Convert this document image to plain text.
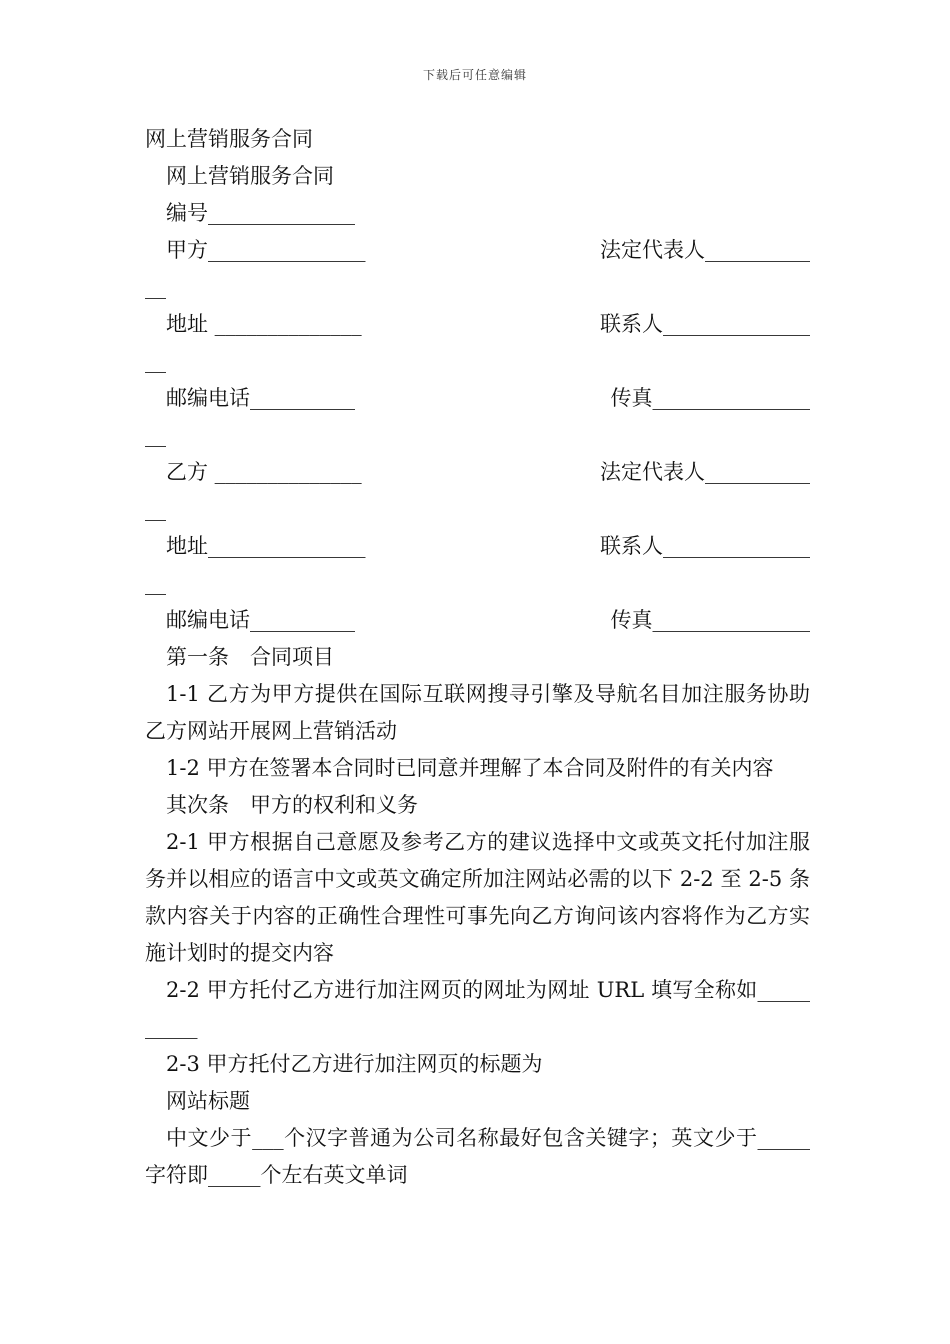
下载后可任意编辑
网上营销服务合同
网上营销服务合同
编号______________
甲方_______________	法定代表人__________
__
地址 ______________	联系人______________
__
邮编电话__________	传真_______________
__
乙方 ______________	法定代表人__________
__
地址_______________	联系人______________
__
邮编电话__________	传真_______________
第一条　合同项目
1-1 乙方为甲方提供在国际互联网搜寻引擎及导航名目加注服务协助乙方网站开展网上营销活动
1-2 甲方在签署本合同时已同意并理解了本合同及附件的有关内容
其次条　甲方的权利和义务
2-1 甲方根据自己意愿及参考乙方的建议选择中文或英文托付加注服务并以相应的语言中文或英文确定所加注网站必需的以下 2-2 至 2-5 条款内容关于内容的正确性合理性可事先向乙方询问该内容将作为乙方实施计划时的提交内容
2-2 甲方托付乙方进行加注网页的网址为网址 URL 填写全称如__________
2-3 甲方托付乙方进行加注网页的标题为
网站标题
中文少于___个汉字普通为公司名称最好包含关键字；英文少于_____ 字符即_____个左右英文单词
